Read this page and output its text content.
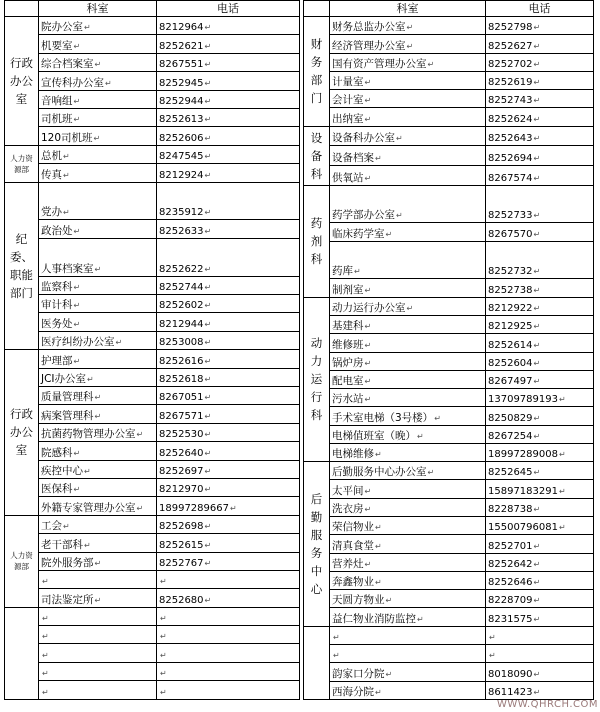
	科室	电话
行政办公室	院办公室↵	8212964↵
	机要室↵	8252621↵
	综合档案室↵	8267551↵
	宣传科办公室↵	8252945↵
	音响组↵	8252944↵
	司机班↵	8252613↵
	120司机班↵	8252606↵
人力资源部	总机↵	8247545↵
	传真↵	8212924↵
纪委、职能部门	党办↵	8235912↵
	政治处↵	8252633↵
	人事档案室↵	8252622↵
	监察科↵	8252744↵
	审计科↵	8252602↵
	医务处↵	8212944↵
	医疗纠纷办公室↵	8253008↵
行政办公室	护理部↵	8252616↵
	JCI办公室↵	8252618↵
	质量管理科↵	8267051↵
	病案管理科↵	8267571↵
	抗菌药物管理办公室↵	8252530↵
	院感科↵	8252640↵
	疾控中心↵	8252697↵
	医保科↵	8212970↵
	外籍专家管理办公室↵	18997289667↵
人力资源部	工会↵	8252698↵
	老干部科↵	8252615↵
	院外服务部↵	8252767↵
	↵	↵
	司法鉴定所↵	8252680↵
	↵	↵
	↵	↵
	↵	↵
	↵	↵
	↵	↵
	科室	电话
财务部门	财务总监办公室↵	8252798↵
	经济管理办公室↵	8252627↵
	国有资产管理办公室↵	8252702↵
	计量室↵	8252619↵
	会计室↵	8252743↵
	出纳室↵	8252624↵
设备科	设备科办公室↵	8252643↵
	设备档案↵	8252694↵
	供氧站↵	8267574↵
药剂科	药学部办公室↵	8252733↵
	临床药学室↵	8267570↵
	药库↵	8252732↵
	制剂室↵	8252738↵
动力运行科	动力运行办公室↵	8212922↵
	基建科↵	8212925↵
	维修班↵	8252614↵
	锅炉房↵	8252604↵
	配电室↵	8267497↵
	污水站↵	13709789193↵
	手术室电梯（3号楼）↵	8250829↵
	电梯值班室（晚）↵	8267254↵
	电梯维修↵	18997289008↵
后勤服务中心	后勤服务中心办公室↵	8252645↵
	太平间↵	15897183291↵
	洗衣房↵	8228738↵
	荣信物业↵	15500796081↵
	清真食堂↵	8252701↵
	营养灶↵	8252642↵
	奔鑫物业↵	8252646↵
	天圆方物业↵	8228709↵
	益仁物业消防监控↵	8231575↵
	↵	↵
	↵	↵
	韵家口分院↵	8018090↵
	西海分院↵	8611423↵
WWW.QHRCH.COM
